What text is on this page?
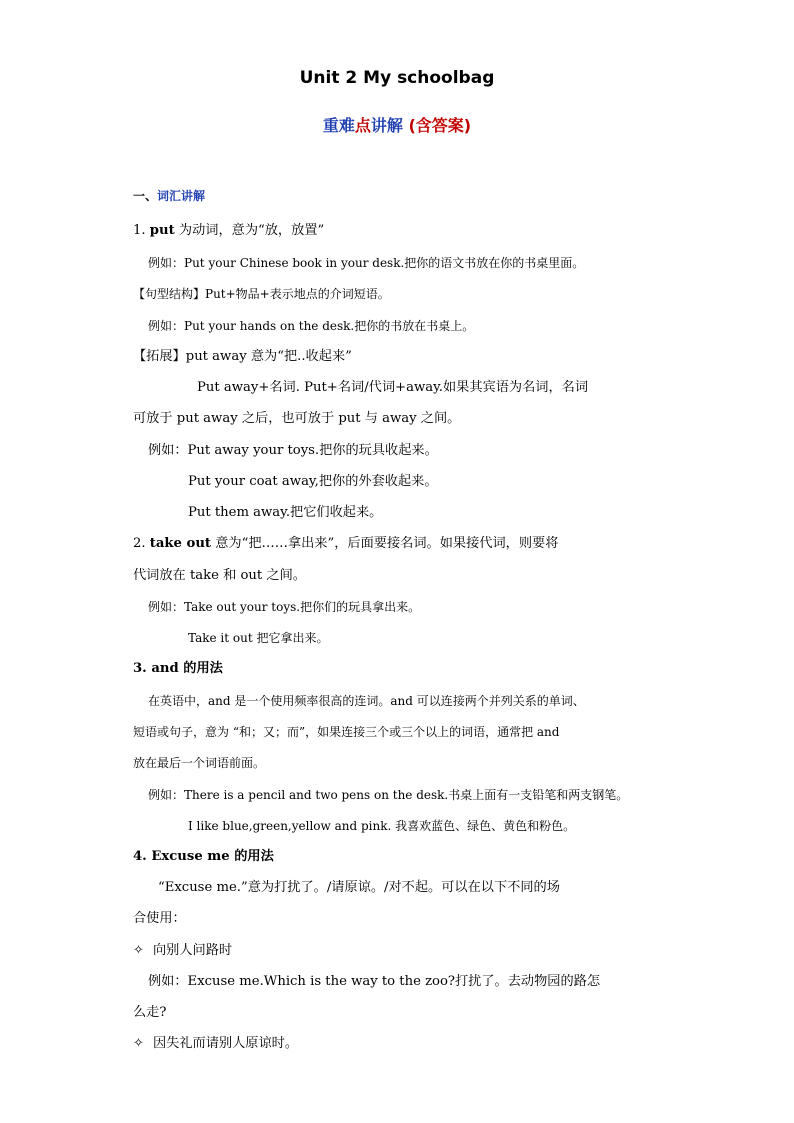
Unit 2 My schoolbag
重难点讲解 (含答案)
一、词汇讲解
1. put 为动词，意为“放，放置”
例如：Put your Chinese book in your desk.把你的语文书放在你的书桌里面。
【句型结构】Put+物品+表示地点的介词短语。
例如：Put your hands on the desk.把你的书放在书桌上。
【拓展】put away 意为“把..收起来”
Put away+名词. Put+名词/代词+away.如果其宾语为名词，名词
可放于 put away 之后，也可放于 put 与 away 之间。
例如：Put away your toys.把你的玩具收起来。
Put your coat away,把你的外套收起来。
Put them away.把它们收起来。
2. take out 意为“把……拿出来”，后面要接名词。如果接代词，则要将
代词放在 take 和 out 之间。
例如：Take out your toys.把你们的玩具拿出来。
Take it out 把它拿出来。
3. and 的用法
在英语中，and 是一个使用频率很高的连词。and 可以连接两个并列关系的单词、
短语或句子，意为 “和；又；而”，如果连接三个或三个以上的词语，通常把 and
放在最后一个词语前面。
例如：There is a pencil and two pens on the desk.书桌上面有一支铅笔和两支钢笔。
I like blue,green,yellow and pink. 我喜欢蓝色、绿色、黄色和粉色。
4. Excuse me 的用法
“Excuse me.”意为打扰了。/请原谅。/对不起。可以在以下不同的场
合使用：
✧ 向别人问路时
例如：Excuse me.Which is the way to the zoo?打扰了。去动物园的路怎
么走?
✧ 因失礼而请别人原谅时。
